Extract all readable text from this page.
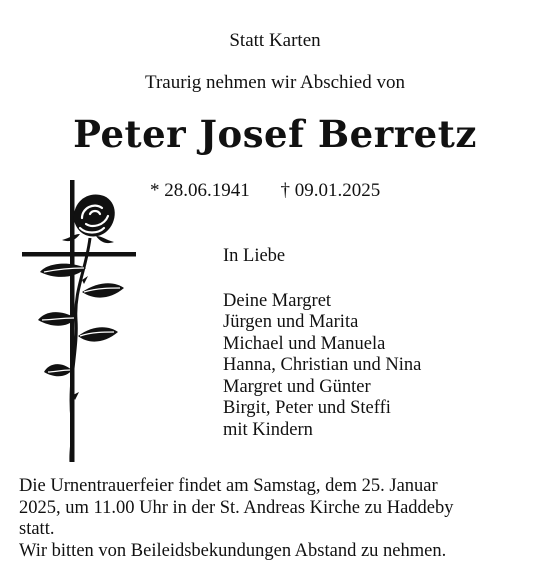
Statt Karten
Traurig nehmen wir Abschied von
Peter Josef Berretz
* 28.06.1941 † 09.01.2025
In Liebe
Deine Margret
Jürgen und Marita
Michael und Manuela
Hanna, Christian und Nina
Margret und Günter
Birgit, Peter und Steffi
mit Kindern
Die Urnentrauerfeier findet am Samstag, dem 25. Januar
2025, um 11.00 Uhr in der St. Andreas Kirche zu Haddeby
statt.
Wir bitten von Beileidsbekundungen Abstand zu nehmen.
